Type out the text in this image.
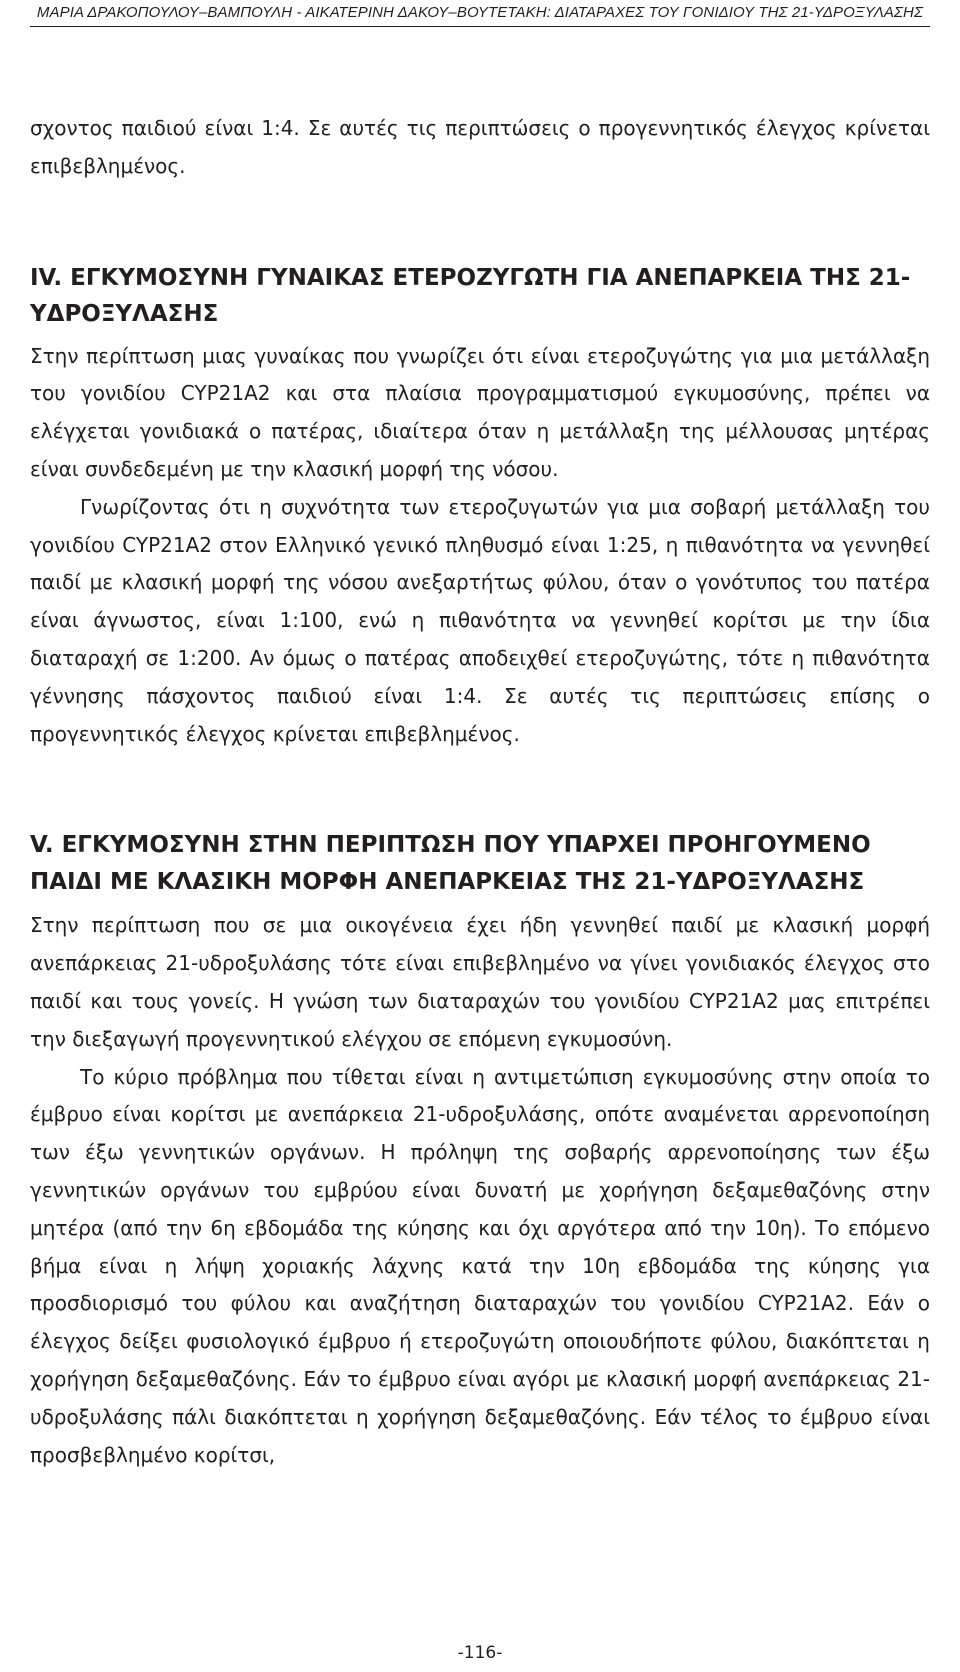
ΜΑΡΙΑ ΔΡΑΚΟΠΟΥΛΟΥ–ΒΑΜΠΟΥΛΗ - ΑΙΚΑΤΕΡΙΝΗ ΔΑΚΟΥ–ΒΟΥΤΕΤΑΚΗ: ΔΙΑΤΑΡΑΧΕΣ ΤΟΥ ΓΟΝΙΔΙΟΥ ΤΗΣ 21-ΥΔΡΟΞΥΛΑΣΗΣ

σχοντος παιδιού είναι 1:4. Σε αυτές τις περιπτώσεις ο προγεννητικός έλεγχος κρίνεται επιβεβλημένος.

IV. ΕΓΚΥΜΟΣΥΝΗ ΓΥΝΑΙΚΑΣ ΕΤΕΡΟΖΥΓΩΤΗ ΓΙΑ ΑΝΕΠΑΡΚΕΙΑ ΤΗΣ 21-ΥΔΡΟΞΥΛΑΣΗΣ

Στην περίπτωση μιας γυναίκας που γνωρίζει ότι είναι ετεροζυγώτης για μια μετάλλαξη του γονιδίου CYP21A2 και στα πλαίσια προγραμματισμού εγκυμοσύνης, πρέπει να ελέγχεται γονιδιακά ο πατέρας, ιδιαίτερα όταν η μετάλλαξη της μέλλουσας μητέρας είναι συνδεδεμένη με την κλασική μορφή της νόσου.

Γνωρίζοντας ότι η συχνότητα των ετεροζυγωτών για μια σοβαρή μετάλλαξη του γονιδίου CYP21A2 στον Ελληνικό γενικό πληθυσμό είναι 1:25, η πιθανότητα να γεννηθεί παιδί με κλασική μορφή της νόσου ανεξαρτήτως φύλου, όταν ο γονότυπος του πατέρα είναι άγνωστος, είναι 1:100, ενώ η πιθανότητα να γεννηθεί κορίτσι με την ίδια διαταραχή σε 1:200. Αν όμως ο πατέρας αποδειχθεί ετεροζυγώτης, τότε η πιθανότητα γέννησης πάσχοντος παιδιού είναι 1:4. Σε αυτές τις περιπτώσεις επίσης ο προγεννητικός έλεγχος κρίνεται επιβεβλημένος.

V. ΕΓΚΥΜΟΣΥΝΗ ΣΤΗΝ ΠΕΡΙΠΤΩΣΗ ΠΟΥ ΥΠΑΡΧΕΙ ΠΡΟΗΓΟΥΜΕΝΟ ΠΑΙΔΙ ΜΕ ΚΛΑΣΙΚΗ ΜΟΡΦΗ ΑΝΕΠΑΡΚΕΙΑΣ ΤΗΣ 21-ΥΔΡΟΞΥΛΑΣΗΣ

Στην περίπτωση που σε μια οικογένεια έχει ήδη γεννηθεί παιδί με κλασική μορφή ανεπάρκειας 21-υδροξυλάσης τότε είναι επιβεβλημένο να γίνει γονιδιακός έλεγχος στο παιδί και τους γονείς. Η γνώση των διαταραχών του γονιδίου CYP21A2 μας επιτρέπει την διεξαγωγή προγεννητικού ελέγχου σε επόμενη εγκυμοσύνη.

Το κύριο πρόβλημα που τίθεται είναι η αντιμετώπιση εγκυμοσύνης στην οποία το έμβρυο είναι κορίτσι με ανεπάρκεια 21-υδροξυλάσης, οπότε αναμένεται αρρενοποίηση των έξω γεννητικών οργάνων. Η πρόληψη της σοβαρής αρρενοποίησης των έξω γεννητικών οργάνων του εμβρύου είναι δυνατή με χορήγηση δεξαμεθαζόνης στην μητέρα (από την 6η εβδομάδα της κύησης και όχι αργότερα από την 10η). Το επόμενο βήμα είναι η λήψη χοριακής λάχνης κατά την 10η εβδομάδα της κύησης για προσδιορισμό του φύλου και αναζήτηση διαταραχών του γονιδίου CYP21A2. Εάν ο έλεγχος δείξει φυσιολογικό έμβρυο ή ετεροζυγώτη οποιουδήποτε φύλου, διακόπτεται η χορήγηση δεξαμεθαζόνης. Εάν το έμβρυο είναι αγόρι με κλασική μορφή ανεπάρκειας 21-υδροξυλάσης πάλι διακόπτεται η χορήγηση δεξαμεθαζόνης. Εάν τέλος το έμβρυο είναι προσβεβλημένο κορίτσι,

-116-
